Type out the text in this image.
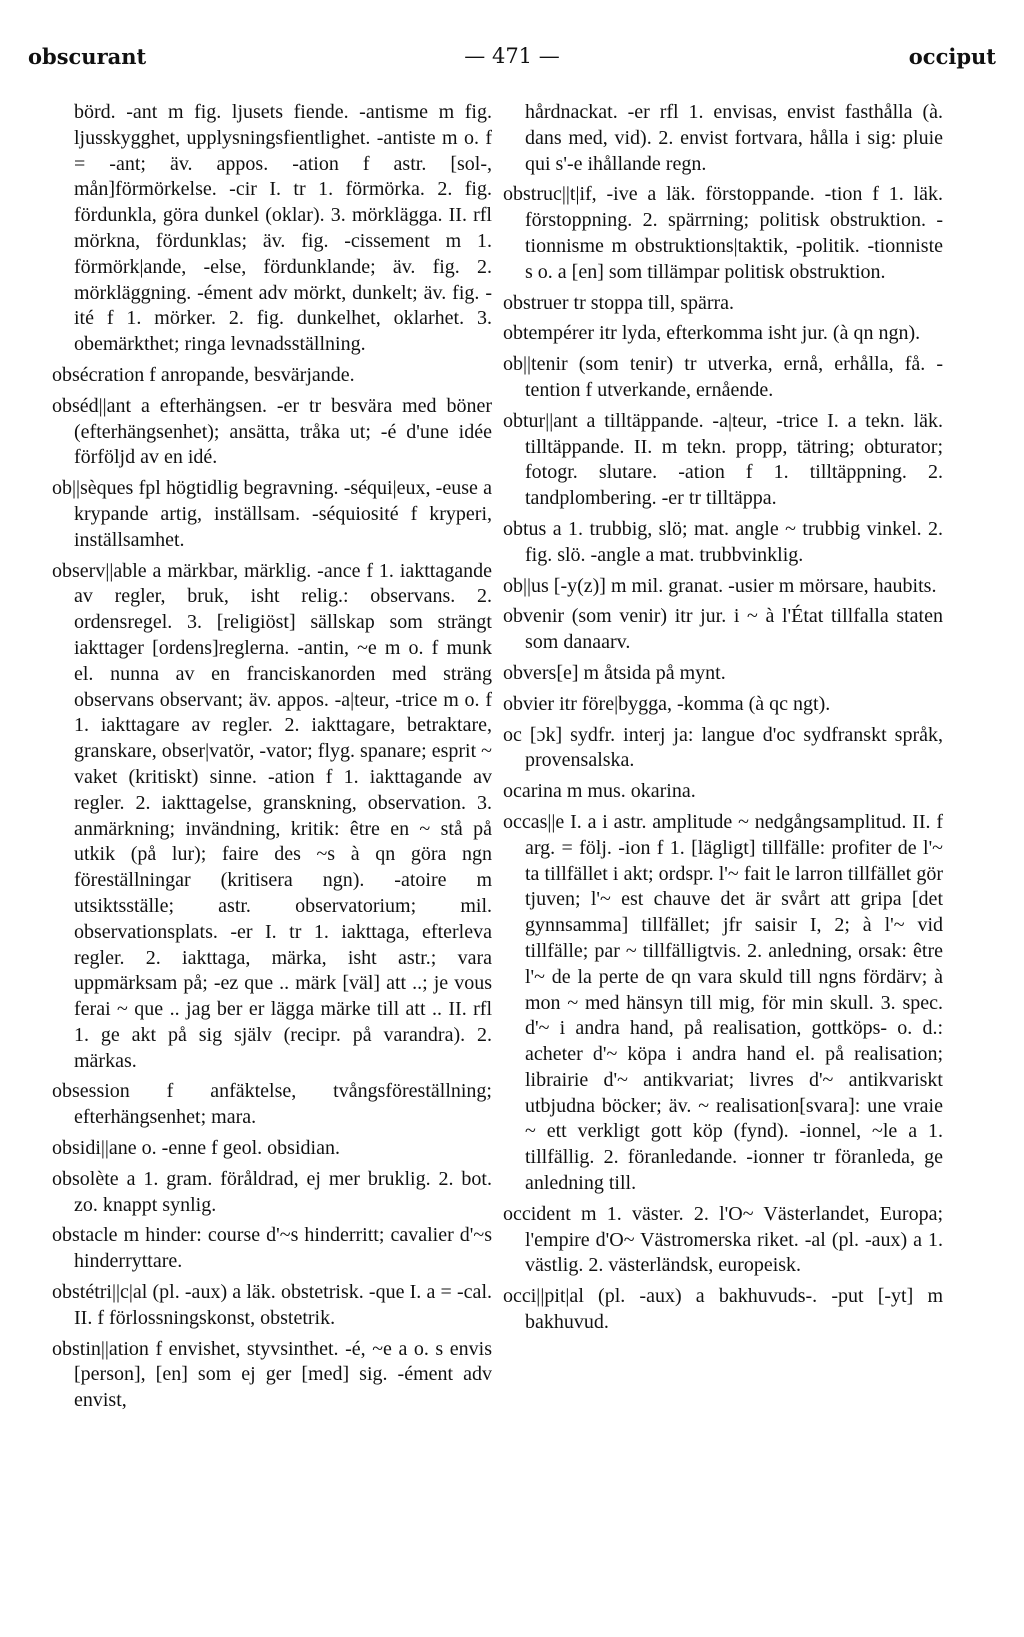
obscurant	— 471 —	occiput

börd. -ant m fig. ljusets fiende. -antisme m fig. ljusskygghet, upplysningsfientlighet. -antiste m o. f = -ant; äv. appos. -ation f astr. [sol-, mån]förmörkelse. -cir I. tr 1. förmörka. 2. fig. fördunkla, göra dunkel (oklar). 3. mörklägga. II. rfl mörkna, fördunklas; äv. fig. -cissement m 1. förmörk|ande, -else, fördunklande; äv. fig. 2. mörkläggning. -ément adv mörkt, dunkelt; äv. fig. -ité f 1. mörker. 2. fig. dunkelhet, oklarhet. 3. obemärkthet; ringa levnadsställning.

obsécration f anropande, besvärjande.

obséd||ant a efterhängsen. -er tr besvära med böner (efterhängsenhet); ansätta, tråka ut; -é d'une idée förföljd av en idé.

ob||sèques fpl högtidlig begravning. -séqui|eux, -euse a krypande artig, inställsam. -séquiosité f kryperi, inställsamhet.

observ||able a märkbar, märklig. -ance f 1. iakttagande av regler, bruk, isht relig.: observans. 2. ordensregel. 3. [religiöst] sällskap som strängt iakttager [ordens]reglerna. -antin, ~e m o. f munk el. nunna av en franciskanorden med sträng observans observant; äv. appos. -a|teur, -trice m o. f 1. iakttagare av regler. 2. iakttagare, betraktare, granskare, obser|vatör, -vator; flyg. spanare; esprit ~ vaket (kritiskt) sinne. -ation f 1. iakttagande av regler. 2. iakttagelse, granskning, observation. 3. anmärkning; invändning, kritik: être en ~ stå på utkik (på lur); faire des ~s à qn göra ngn föreställningar (kritisera ngn). -atoire m utsiktsställe; astr. observatorium; mil. observationsplats. -er I. tr 1. iakttaga, efterleva regler. 2. iakttaga, märka, isht astr.; vara uppmärksam på; -ez que .. märk [väl] att ..; je vous ferai ~ que .. jag ber er lägga märke till att .. II. rfl 1. ge akt på sig själv (recipr. på varandra). 2. märkas.

obsession f anfäktelse, tvångsföreställning; efterhängsenhet; mara.

obsidi||ane o. -enne f geol. obsidian.

obsolète a 1. gram. föråldrad, ej mer bruklig. 2. bot. zo. knappt synlig.

obstacle m hinder: course d'~s hinderritt; cavalier d'~s hinderryttare.

obstétri||c|al (pl. -aux) a läk. obstetrisk. -que I. a = -cal. II. f förlossningskonst, obstetrik.

obstin||ation f envishet, styvsinthet. -é, ~e a o. s envis [person], [en] som ej ger [med] sig. -ément adv envist,

hårdnackat. -er rfl 1. envisas, envist fasthålla (à. dans med, vid). 2. envist fortvara, hålla i sig: pluie qui s'-e ihållande regn.

obstruc||t|if, -ive a läk. förstoppande. -tion f 1. läk. förstoppning. 2. spärrning; politisk obstruktion. -tionnisme m obstruktions|taktik, -politik. -tionniste s o. a [en] som tillämpar politisk obstruktion.

obstruer tr stoppa till, spärra.

obtempérer itr lyda, efterkomma isht jur. (à qn ngn).

ob||tenir (som tenir) tr utverka, ernå, erhålla, få. -tention f utverkande, ernående.

obtur||ant a tilltäppande. -a|teur, -trice I. a tekn. läk. tilltäppande. II. m tekn. propp, tätring; obturator; fotogr. slutare. -ation f 1. tilltäppning. 2. tandplombering. -er tr tilltäppa.

obtus a 1. trubbig, slö; mat. angle ~ trubbig vinkel. 2. fig. slö. -angle a mat. trubbvinklig.

ob||us [-y(z)] m mil. granat. -usier m mörsare, haubits.

obvenir (som venir) itr jur. i ~ à l'État tillfalla staten som danaarv.

obvers[e] m åtsida på mynt.

obvier itr före|bygga, -komma (à qc ngt).

oc [ɔk] sydfr. interj ja: langue d'oc sydfranskt språk, provensalska.

ocarina m mus. okarina.

occas||e I. a i astr. amplitude ~ nedgångsamplitud. II. f arg. = följ. -ion f 1. [lägligt] tillfälle: profiter de l'~ ta tillfället i akt; ordspr. l'~ fait le larron tillfället gör tjuven; l'~ est chauve det är svårt att gripa [det gynnsamma] tillfället; jfr saisir I, 2; à l'~ vid tillfälle; par ~ tillfälligtvis. 2. anledning, orsak: être l'~ de la perte de qn vara skuld till ngns fördärv; à mon ~ med hänsyn till mig, för min skull. 3. spec. d'~ i andra hand, på realisation, gottköps- o. d.: acheter d'~ köpa i andra hand el. på realisation; librairie d'~ antikvariat; livres d'~ antikvariskt utbjudna böcker; äv. ~ realisation[svara]: une vraie ~ ett verkligt gott köp (fynd). -ionnel, ~le a 1. tillfällig. 2. föranledande. -ionner tr föranleda, ge anledning till.

occident m 1. väster. 2. l'O~ Västerlandet, Europa; l'empire d'O~ Västromerska riket. -al (pl. -aux) a 1. västlig. 2. västerländsk, europeisk.

occi||pit|al (pl. -aux) a bakhuvuds-. -put [-yt] m bakhuvud.
